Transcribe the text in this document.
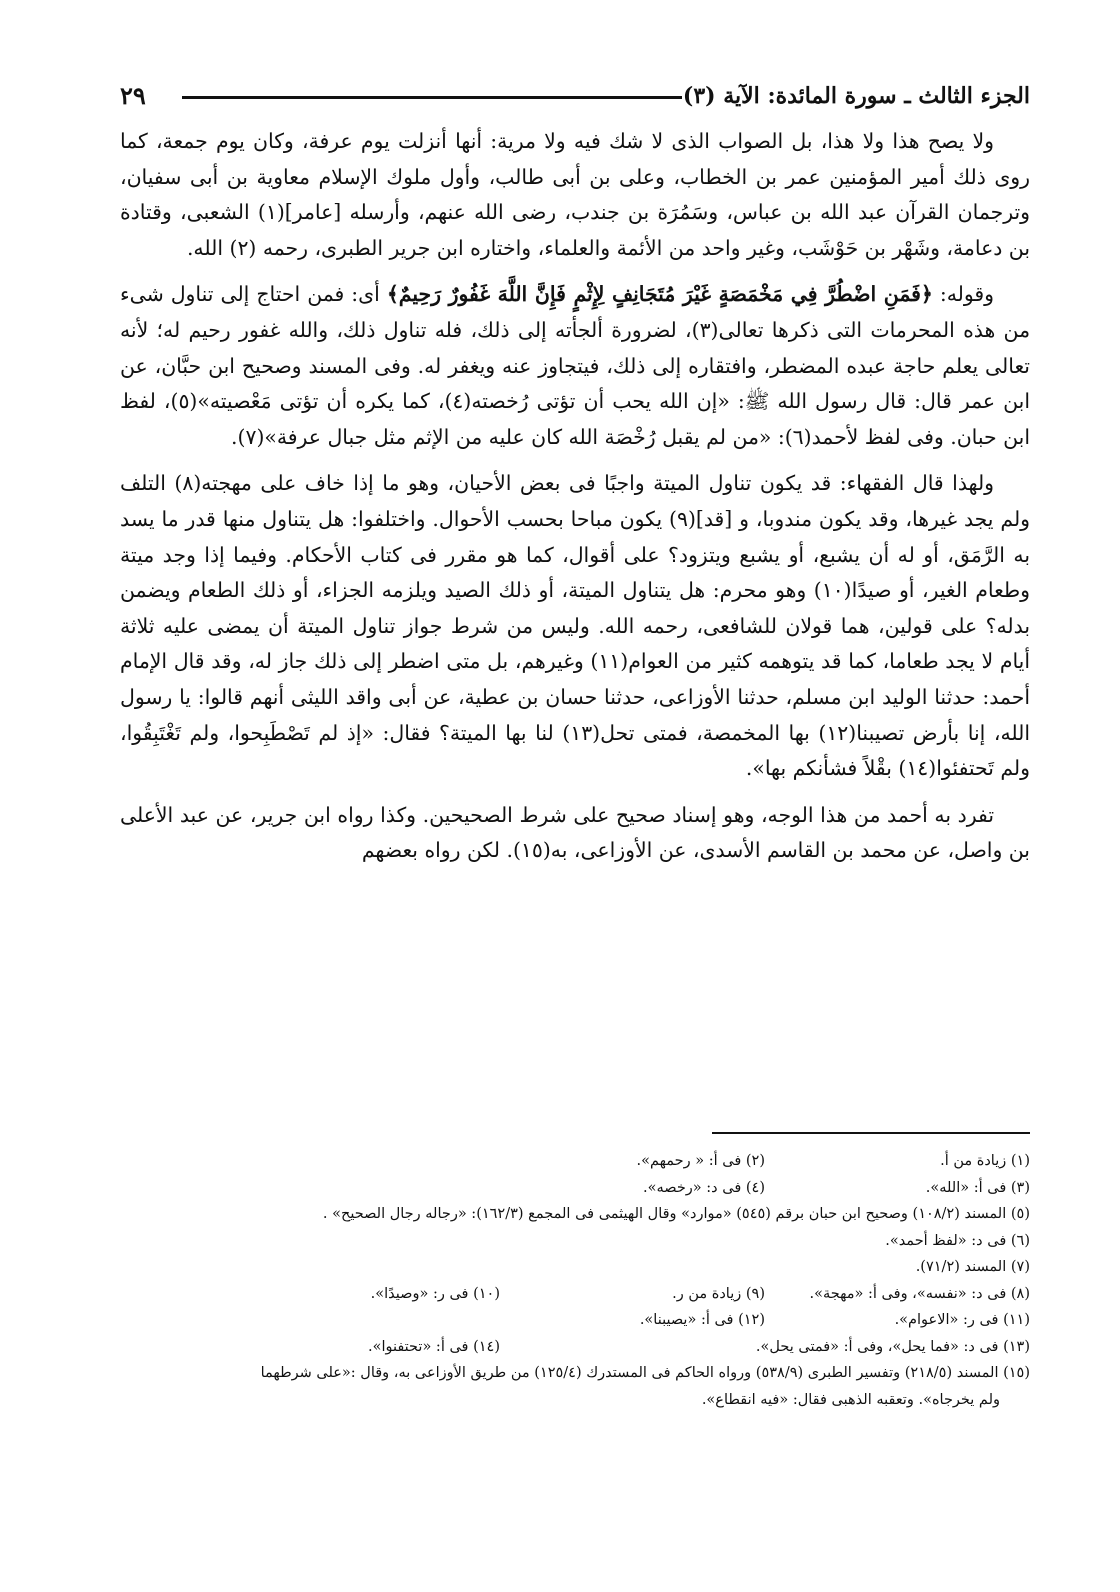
الجزء الثالث ـ سورة المائدة: الآية (٣)
٢٩

ولا يصح هذا ولا هذا، بل الصواب الذى لا شك فيه ولا مرية: أنها أنزلت يوم عرفة، وكان يوم جمعة، كما روى ذلك أمير المؤمنين عمر بن الخطاب، وعلى بن أبى طالب، وأول ملوك الإسلام معاوية بن أبى سفيان، وترجمان القرآن عبد الله بن عباس، وسَمُرَة بن جندب، رضى الله عنهم، وأرسله [عامر](١) الشعبى، وقتادة بن دعامة، وشَهْر بن حَوْشَب، وغير واحد من الأئمة والعلماء، واختاره ابن جرير الطبرى، رحمه (٢) الله.

وقوله: ﴿فَمَنِ اضْطُرَّ فِي مَخْمَصَةٍ غَيْرَ مُتَجَانِفٍ لِإِثْمٍ فَإِنَّ اللَّهَ غَفُورٌ رَحِيمٌ﴾ أى: فمن احتاج إلى تناول شىء من هذه المحرمات التى ذكرها تعالى(٣)، لضرورة ألجأته إلى ذلك، فله تناول ذلك، والله غفور رحيم له؛ لأنه تعالى يعلم حاجة عبده المضطر، وافتقاره إلى ذلك، فيتجاوز عنه ويغفر له. وفى المسند وصحيح ابن حبَّان، عن ابن عمر قال: قال رسول الله ﷺ: «إن الله يحب أن تؤتى رُخصته(٤)، كما يكره أن تؤتى مَعْصيته»(٥)، لفظ ابن حبان. وفى لفظ لأحمد(٦): «من لم يقبل رُخْصَة الله كان عليه من الإثم مثل جبال عرفة»(٧).

ولهذا قال الفقهاء: قد يكون تناول الميتة واجبًا فى بعض الأحيان، وهو ما إذا خاف على مهجته(٨) التلف ولم يجد غيرها، وقد يكون مندوبا، و [قد](٩) يكون مباحا بحسب الأحوال. واختلفوا: هل يتناول منها قدر ما يسد به الرَّمَق، أو له أن يشبع، أو يشبع ويتزود؟ على أقوال، كما هو مقرر فى كتاب الأحكام. وفيما إذا وجد ميتة وطعام الغير، أو صيدًا(١٠) وهو محرم: هل يتناول الميتة، أو ذلك الصيد ويلزمه الجزاء، أو ذلك الطعام ويضمن بدله؟ على قولين، هما قولان للشافعى، رحمه الله. وليس من شرط جواز تناول الميتة أن يمضى عليه ثلاثة أيام لا يجد طعاما، كما قد يتوهمه كثير من العوام(١١) وغيرهم، بل متى اضطر إلى ذلك جاز له، وقد قال الإمام أحمد: حدثنا الوليد ابن مسلم، حدثنا الأوزاعى، حدثنا حسان بن عطية، عن أبى واقد الليثى أنهم قالوا: يا رسول الله، إنا بأرض تصيبنا(١٢) بها المخمصة، فمتى تحل(١٣) لنا بها الميتة؟ فقال: «إذ لم تَصْطَبِحوا، ولم تَغْتَبِقُوا، ولم تَحتفئوا(١٤) بقْلاً فشأنكم بها».

تفرد به أحمد من هذا الوجه، وهو إسناد صحيح على شرط الصحيحين. وكذا رواه ابن جرير، عن عبد الأعلى بن واصل، عن محمد بن القاسم الأسدى، عن الأوزاعى، به(١٥). لكن رواه بعضهم

(١) زيادة من أ.
(٢) فى أ: « رحمهم».
(٣) فى أ: «الله».
(٤) فى د: «رخصه».
(٥) المسند (١٠٨/٢) وصحيح ابن حبان برقم (٥٤٥) «موارد» وقال الهيثمى فى المجمع (١٦٢/٣): «رجاله رجال الصحيح» .
(٦) فى د: «لفظ أحمد».
(٧) المسند (٧١/٢).
(٨) فى د: «نفسه»، وفى أ: «مهجة».
(٩) زيادة من ر.
(١٠) فى ر: «وصيدًا».
(١١) فى ر: «الاعوام».
(١٢) فى أ: «يصيبنا».
(١٣) فى د: «فما يحل»، وفى أ: «فمتى يحل».
(١٤) فى أ: «تحتفنوا».
(١٥) المسند (٢١٨/٥) وتفسير الطبرى (٥٣٨/٩) ورواه الحاكم فى المستدرك (١٢٥/٤) من طريق الأوزاعى به، وقال :«على شرطهما
ولم يخرجاه». وتعقبه الذهبى فقال: «فيه انقطاع».
